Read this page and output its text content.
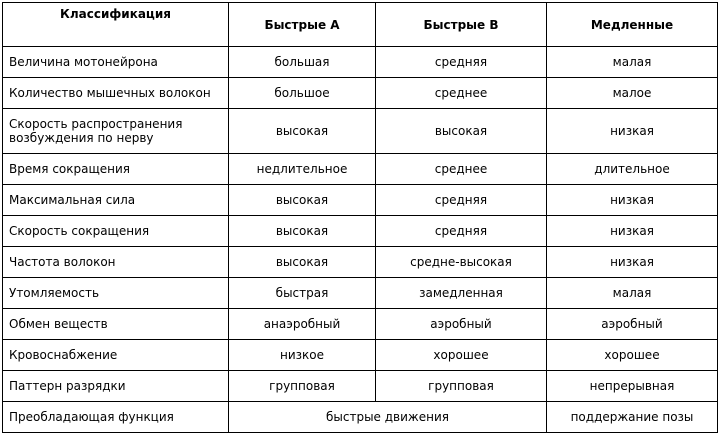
Классификация	Быстрые А	Быстрые В	Медленные
Величина мотонейрона	большая	средняя	малая
Количество мышечных волокон	большое	среднее	малое
Скорость распространения возбуждения по нерву	высокая	высокая	низкая
Время сокращения	недлительное	среднее	длительное
Максимальная сила	высокая	средняя	низкая
Скорость сокращения	высокая	средняя	низкая
Частота волокон	высокая	средне-высокая	низкая
Утомляемость	быстрая	замедленная	малая
Обмен веществ	анаэробный	аэробный	аэробный
Кровоснабжение	низкое	хорошее	хорошее
Паттерн разрядки	групповая	групповая	непрерывная
Преобладающая функция	быстрые движения		поддержание позы
